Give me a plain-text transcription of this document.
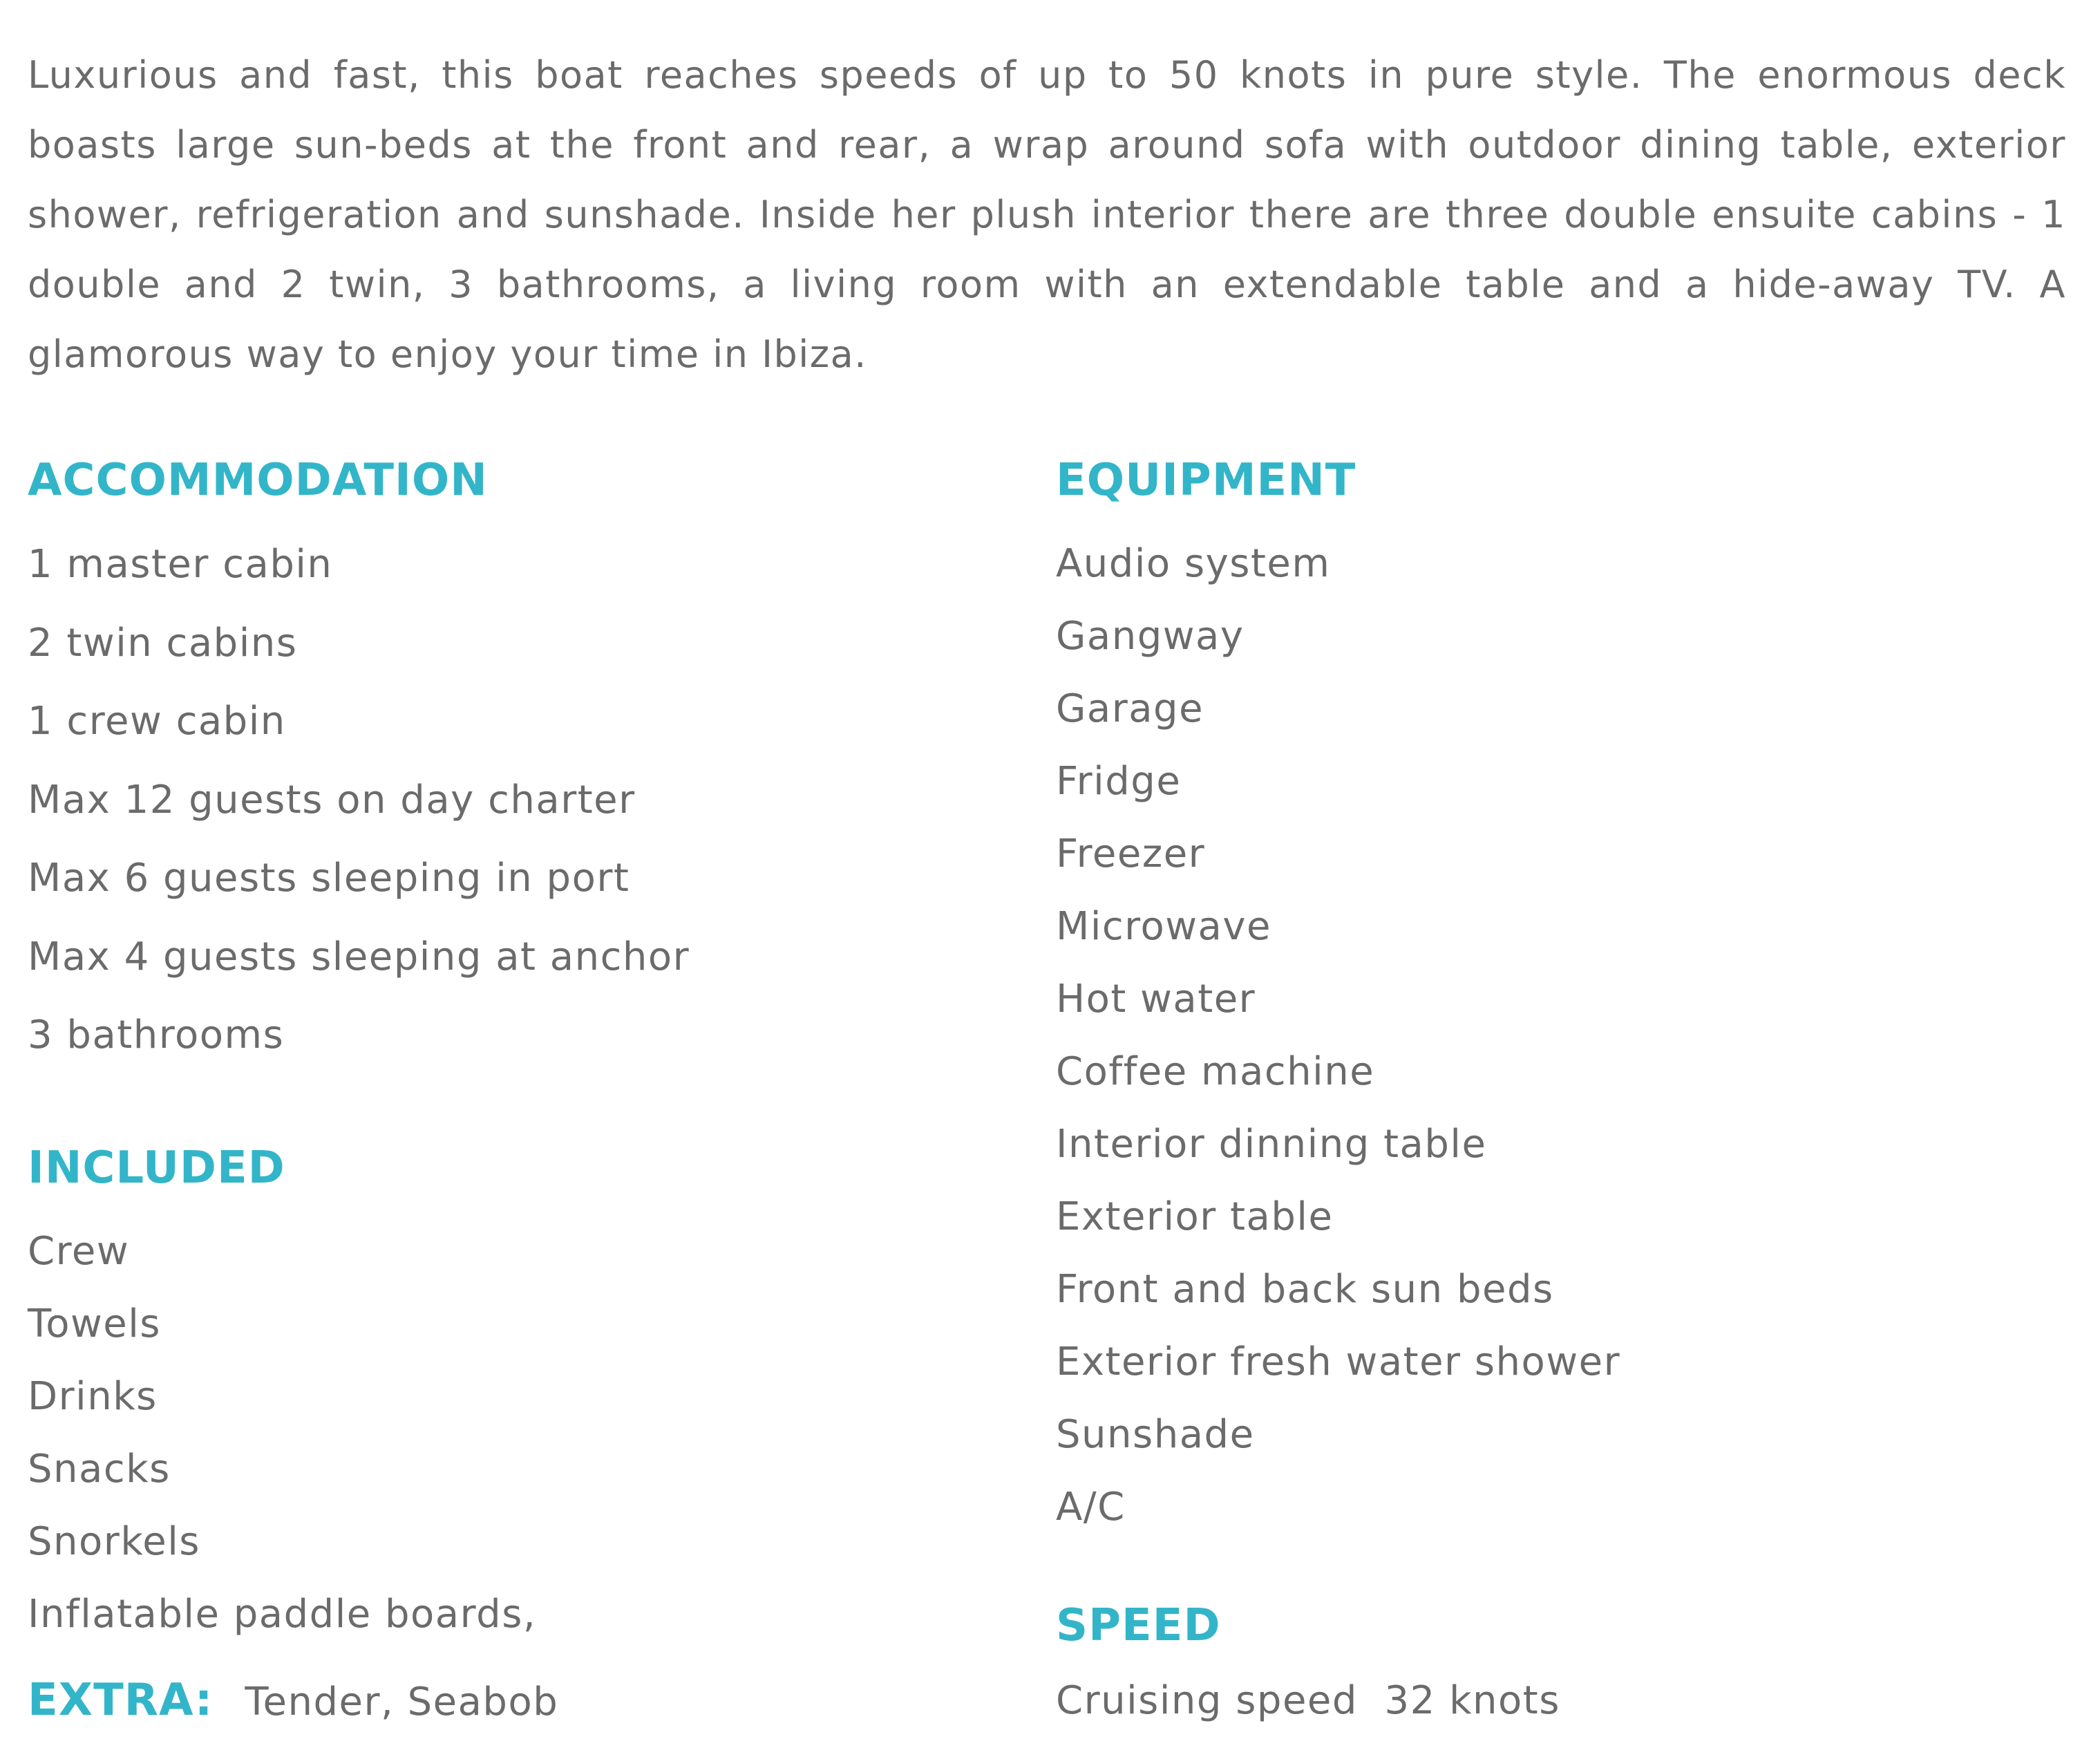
Luxurious and fast, this boat reaches speeds of up to 50 knots in pure style. The enormous deck boasts large sun-beds at the front and rear, a wrap around sofa with outdoor dining table, exterior shower, refrigeration and sunshade. Inside her plush interior there are three double ensuite cabins - 1 double and 2 twin, 3 bathrooms, a living room with an extendable table and a hide-away TV. A glamorous way to enjoy your time in Ibiza.

ACCOMMODATION
1 master cabin
2 twin cabins
1 crew cabin
Max 12 guests on day charter
Max 6 guests sleeping in port
Max 4 guests sleeping at anchor
3 bathrooms
INCLUDED
Crew
Towels
Drinks
Snacks
Snorkels
Inflatable paddle boards,
EXTRA: Tender, Seabob
EQUIPMENT
Audio system
Gangway
Garage
Fridge
Freezer
Microwave
Hot water
Coffee machine
Interior dinning table
Exterior table
Front and back sun beds
Exterior fresh water shower
Sunshade
A/C
SPEED
Cruising speed  32 knots
